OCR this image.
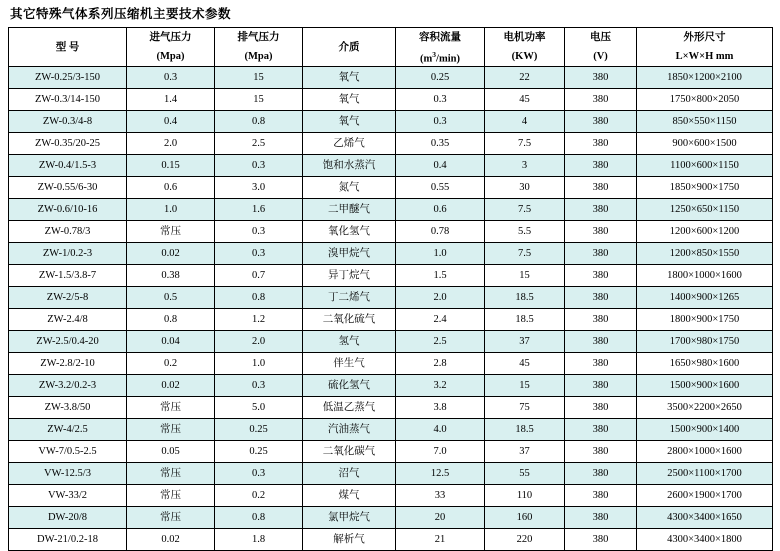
其它特殊气体系列压缩机主要技术参数
型 号	进气压力	排气压力	介质	容积流量	电机功率	电压	外形尺寸
	(Mpa)	(Mpa)		$(m^3/\min)$	(KW)	(V)	L×W×H mm
ZW-0.25/3-150	0.3	15	氧气	0.25	22	380	1850×1200×2100
ZW-0.3/14-150	1.4	15	氧气	0.3	45	380	1750×800×2050
ZW-0.3/4-8	0.4	0.8	氧气	0.3	4	380	850×550×1150
ZW-0.35/20-25	2.0	2.5	乙烯气	0.35	7.5	380	900×600×1500
ZW-0.4/1.5-3	0.15	0.3	饱和水蒸汽	0.4	3	380	1100×600×1150
ZW-0.55/6-30	0.6	3.0	氮气	0.55	30	380	1850×900×1750
ZW-0.6/10-16	1.0	1.6	二甲醚气	0.6	7.5	380	1250×650×1150
ZW-0.78/3	常压	0.3	氧化氢气	0.78	5.5	380	1200×600×1200
ZW-1/0.2-3	0.02	0.3	溴甲烷气	1.0	7.5	380	1200×850×1550
ZW-1.5/3.8-7	0.38	0.7	异丁烷气	1.5	15	380	1800×1000×1600
ZW-2/5-8	0.5	0.8	丁二烯气	2.0	18.5	380	1400×900×1265
ZW-2.4/8	0.8	1.2	二氧化硫气	2.4	18.5	380	1800×900×1750
ZW-2.5/0.4-20	0.04	2.0	氢气	2.5	37	380	1700×980×1750
ZW-2.8/2-10	0.2	1.0	伴生气	2.8	45	380	1650×980×1600
ZW-3.2/0.2-3	0.02	0.3	硫化氢气	3.2	15	380	1500×900×1600
ZW-3.8/50	常压	5.0	低温乙蒸气	3.8	75	380	3500×2200×2650
ZW-4/2.5	常压	0.25	汽油蒸气	4.0	18.5	380	1500×900×1400
VW-7/0.5-2.5	0.05	0.25	二氧化碳气	7.0	37	380	2800×1000×1600
VW-12.5/3	常压	0.3	沼气	12.5	55	380	2500×1100×1700
VW-33/2	常压	0.2	煤气	33	110	380	2600×1900×1700
DW-20/8	常压	0.8	氯甲烷气	20	160	380	4300×3400×1650
DW-21/0.2-18	0.02	1.8	解析气	21	220	380	4300×3400×1800
